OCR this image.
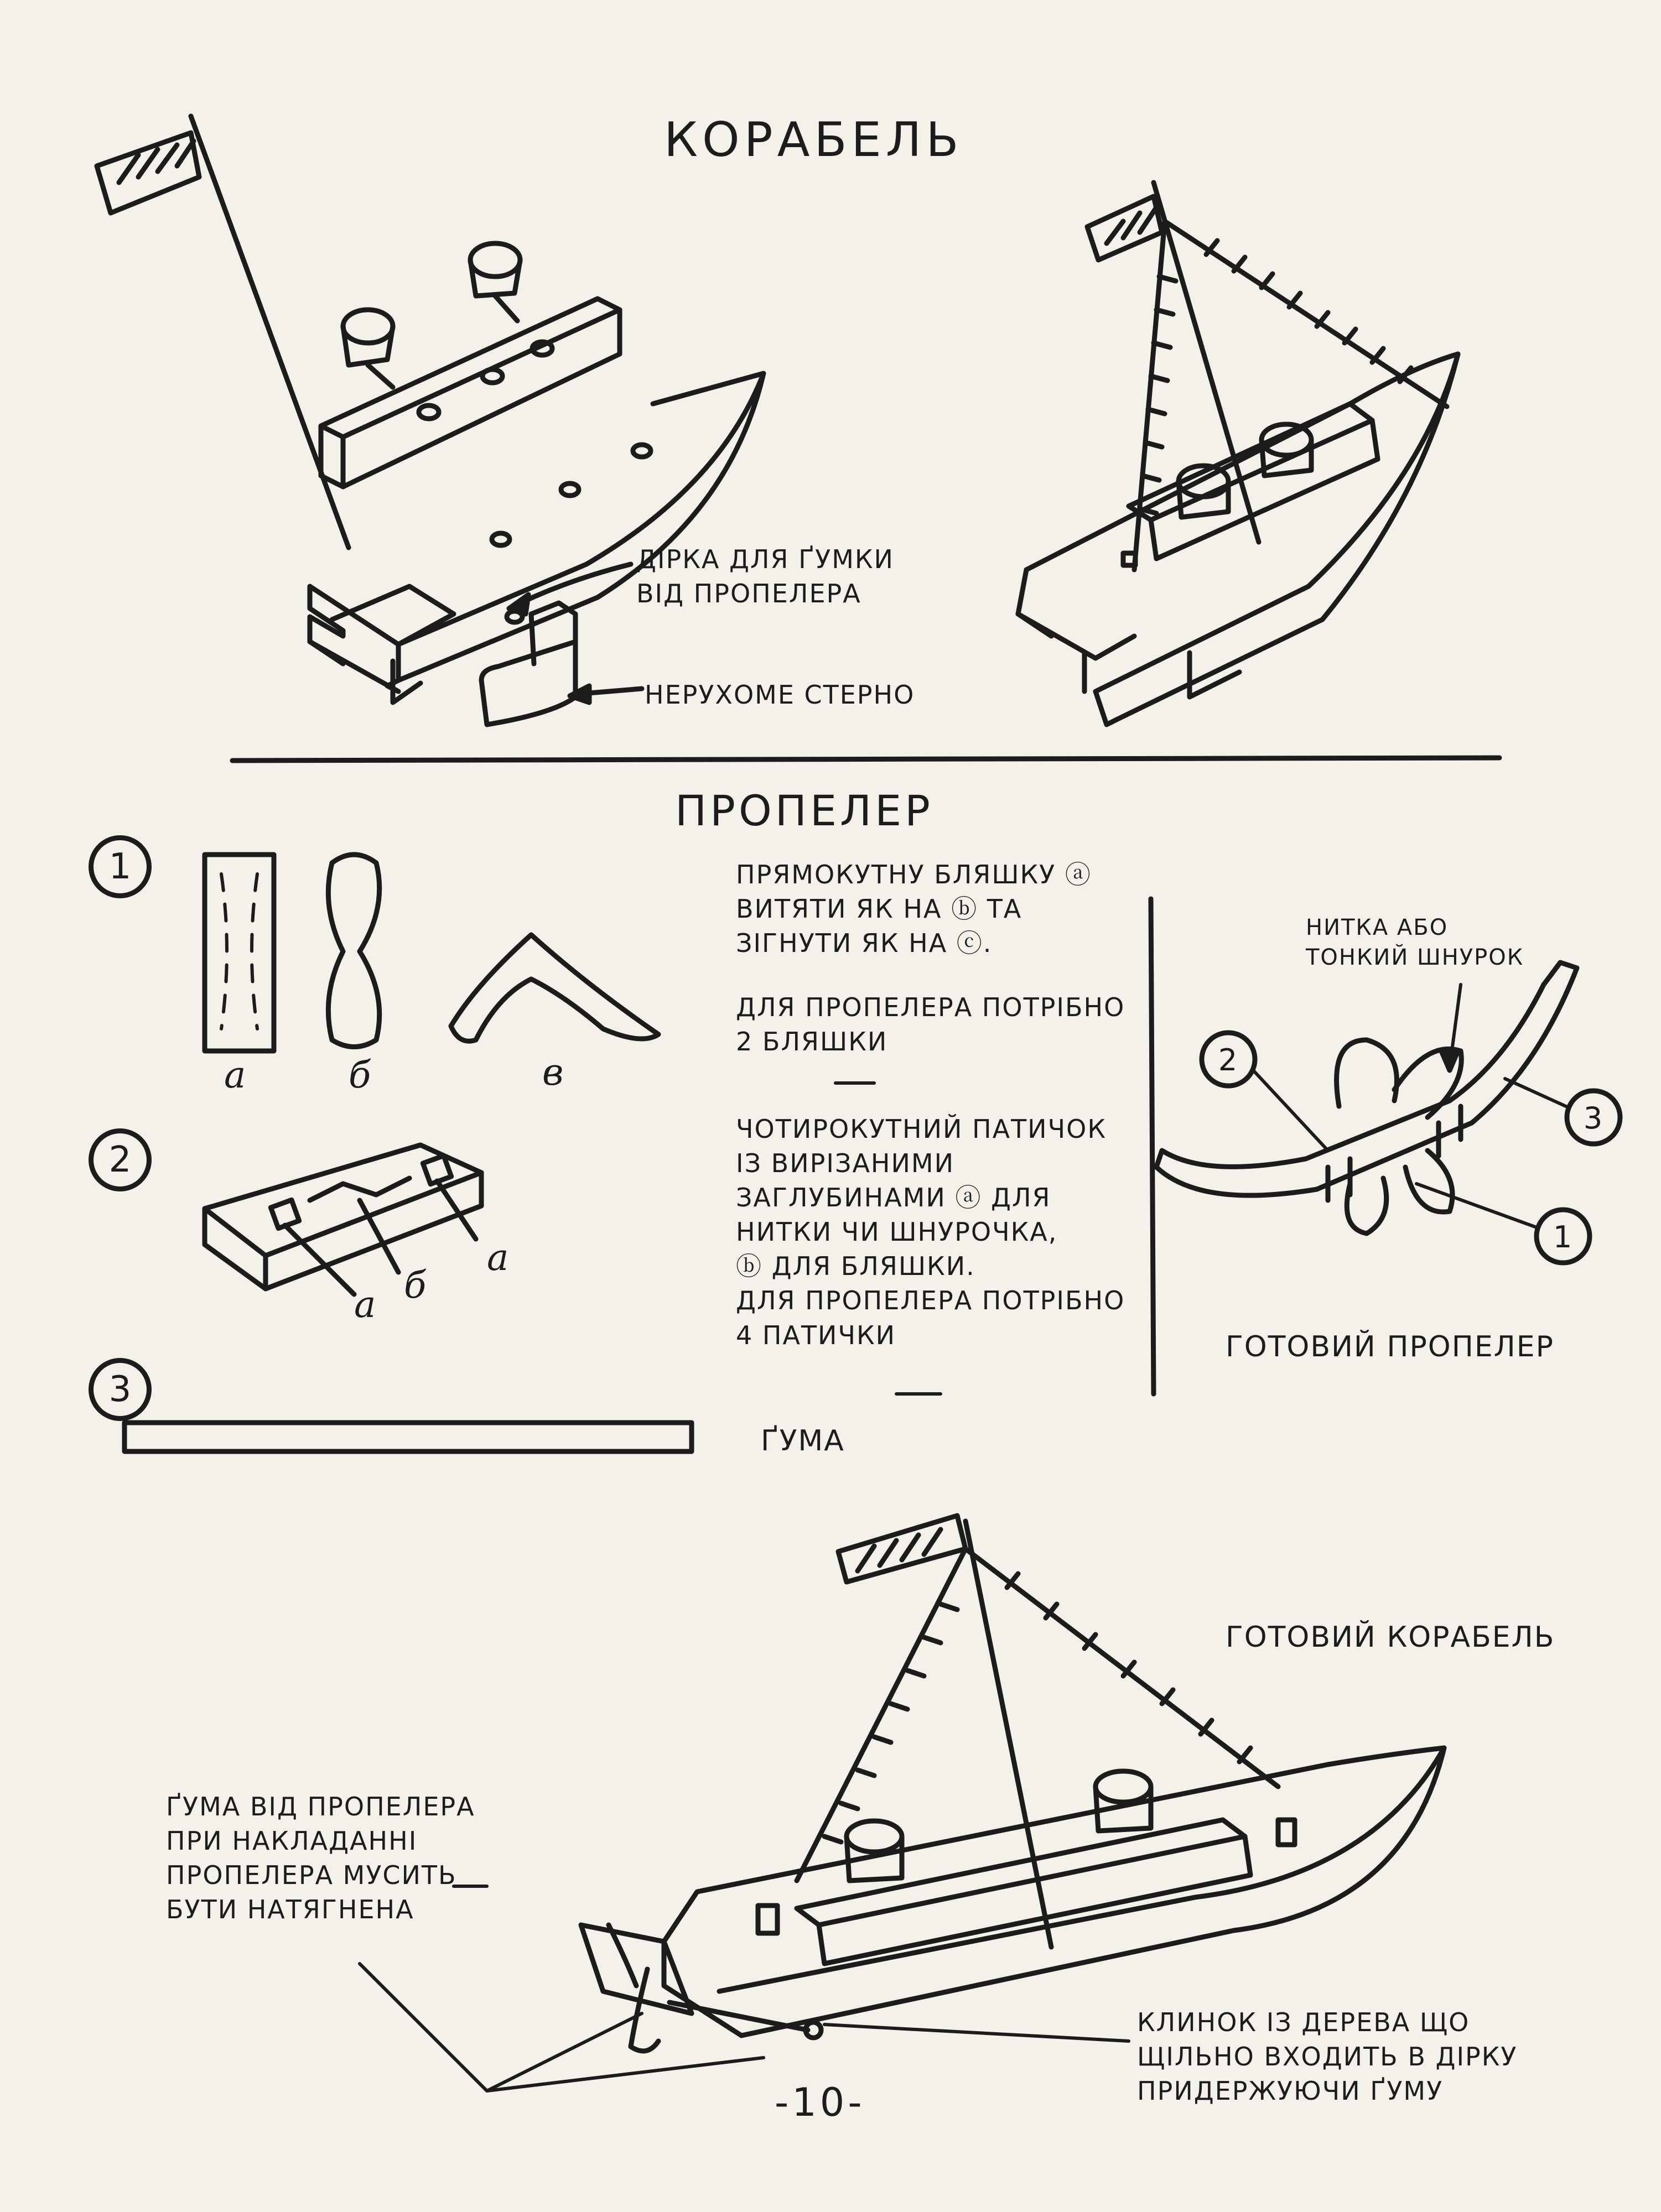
КОРАБЕЛЬ
ДІРКА ДЛЯ ҐУМКИ
ВІД ПРОПЕЛЕРА
НЕРУХОМЕ СТЕРНО
ПРОПЕЛЕР
1
а	б	в
ПРЯМОКУТНУ БЛЯШКУ ⓐ
ВИТЯТИ ЯК НА ⓑ ТА
ЗІГНУТИ ЯК НА ⓒ.
ДЛЯ ПРОПЕЛЕРА ПОТРІБНО
2 БЛЯШКИ
2
а б
а
ЧОТИРОКУТНИЙ ПАТИЧОК
ІЗ ВИРІЗАНИМИ
ЗАГЛУБИНАМИ ⓐ ДЛЯ
НИТКИ ЧИ ШНУРОЧКА,
ⓑ ДЛЯ БЛЯШКИ.
ДЛЯ ПРОПЕЛЕРА ПОТРІБНО
4 ПАТИЧКИ
3
ҐУМА
НИТКА АБО
ТОНКИЙ ШНУРОК
2
3
1
ГОТОВИЙ ПРОПЕЛЕР
ГОТОВИЙ КОРАБЕЛЬ
ҐУМА ВІД ПРОПЕЛЕРА
ПРИ НАКЛАДАННІ
ПРОПЕЛЕРА МУСИТЬ
БУТИ НАТЯГНЕНА
КЛИНОК ІЗ ДЕРЕВА ЩО
ЩІЛЬНО ВХОДИТЬ В ДІРКУ
ПРИДЕРЖУЮЧИ ҐУМУ
-10-
